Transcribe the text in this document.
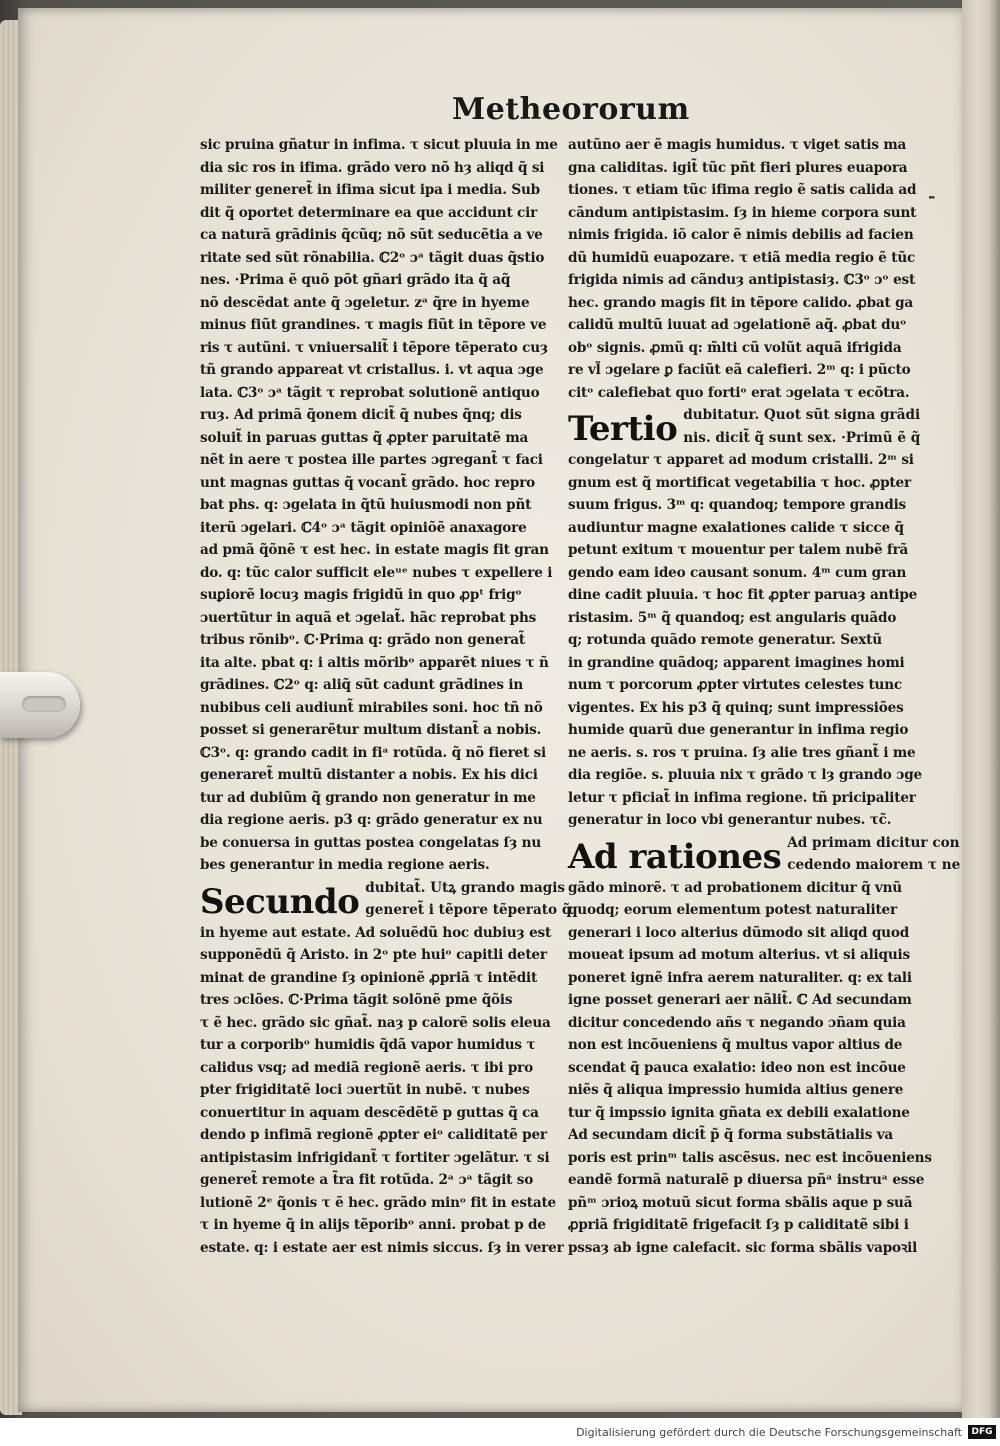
Metheororum
-
sic pruina gñatur in infima. τ sicut pluuia in me
dia sic ros in ifima. grãdo vero nõ hȝ aliqd q̃ si
militer generet̃ in ifima sicut ipa i media. Sub
dit q̃ oportet determinare ea que accidunt cir
ca naturã grãdinis q̃cũq; nõ sũt seducẽtia a ve
ritate sed sũt rõnabilia. ℂ2ᵒ ɔᵃ tãgit duas q̃stio
nes. ·Prima ẽ quõ põt gñari grãdo ita q̃ aq̃
nõ descẽdat ante q̃ ɔgeletur. zᵃ q̃re in hyeme
minus fiũt grandines. τ magis fiũt in tẽpore ve
ris τ autũni. τ vniuersalit̃ i tẽpore tẽperato cuȝ
tñ grando appareat vt cristallus. i. vt aqua ɔge
lata. ℂ3ᵒ ɔᵃ tãgit τ reprobat solutionẽ antiquo
ruȝ. Ad primã q̃onem dicit̃ q̃ nubes q̃nq; dis
soluit̃ in paruas guttas q̃ ꝓpter paruitatẽ ma
nẽt in aere τ postea ille partes ɔgregant̃ τ faci
unt magnas guttas q̃ vocant̃ grãdo. hoc repro
bat phs. q: ɔgelata in q̃tũ huiusmodi non pñt
iterũ ɔgelari. ℂ4ᵒ ɔᵃ tãgit opiniõẽ anaxagore
ad pmã q̃õnẽ τ est hec. in estate magis fit gran
do. q: tũc calor sufficit eleᵘᵉ nubes τ expellere i
suꝑiorẽ locuȝ magis frigidũ in quo ꝓpᵗ frigᵒ
ɔuertũtur in aquã et ɔgelat̃. hãc reprobat phs
tribus rõnibᵒ. ℂ·Prima q: grãdo non generat̃
ita alte. pbat q: i altis mõribᵒ apparẽt niues τ ñ
grãdines. ℂ2ᵒ q: aliq̃ sũt cadunt grãdines in
nubibus celi audiunt̃ mirabiles soni. hoc tñ nõ
posset si generarẽtur multum distant̃ a nobis.
ℂ3ᵒ. q: grando cadit in fiᵃ rotũda. q̃ nõ fieret si
generaret̃ multũ distanter a nobis. Ex his dici
tur ad dubiũm q̃ grando non generatur in me
dia regione aeris. p3 q: grãdo generatur ex nu
be conuersa in guttas postea congelatas ſȝ nu
bes generantur in media regione aeris.
Secundo dubitat̃. Utꝝ grando magis
generet̃ i tẽpore tẽperato q̃
in hyeme aut estate. Ad soluẽdũ hoc dubiuȝ est
supponẽdũ q̃ Aristo. in 2ᵒ pte huiᵒ capitli deter
minat de grandine ſȝ opinionẽ ꝓpriã τ intẽdit
tres ɔclões. ℂ·Prima tãgit solõnẽ pme q̃õis
τ ẽ hec. grãdo sic gñat̃. naȝ p calorẽ solis eleua
tur a corporibᵒ humidis q̃dã vapor humidus τ
calidus vsq; ad mediã regionẽ aeris. τ ibi pro
pter frigiditatẽ loci ɔuertũt in nubẽ. τ nubes
conuertitur in aquam descẽdẽtẽ p guttas q̃ ca
dendo p infimã regionẽ ꝓpter eiᵒ caliditatẽ per
antipistasim infrigidant̃ τ fortiter ɔgelãtur. τ si
generet̃ remote a t̃ra fit rotũda. 2ᵃ ɔᵃ tãgit so
lutionẽ 2ᵉ q̃onis τ ẽ hec. grãdo minᵒ fit in estate
τ in hyeme q̃ in alijs tẽporibᵒ anni. probat p de
estate. q: i estate aer est nimis siccus. ſȝ in verer
autũno aer ẽ magis humidus. τ viget satis ma
gna caliditas. igit̃ tũc pñt fieri plures euapora
tiones. τ etiam tũc ifima regio ẽ satis calida ad
cãndum antipistasim. ſȝ in hieme corpora sunt
nimis frigida. iõ calor ẽ nimis debilis ad facien
dũ humidũ euapozare. τ etiã media regio ẽ tũc
frigida nimis ad cãnduȝ antipistasiȝ. ℂ3ᵒ ɔᵒ est
hec. grando magis fit in tẽpore calido. ꝓbat ga
calidũ multũ iuuat ad ɔgelationẽ aq̃. ꝓbat duᵒ
obᵒ signis. ꝓmũ q: m̃lti cũ volũt aquã ifrigida
re vl̃ ɔgelare ꝑ faciũt eã calefieri. 2ᵐ q: i pũcto
citᵒ calefiebat quo fortiᵒ erat ɔgelata τ ecõtra.
Tertio dubitatur. Quot sũt signa grãdi
nis. dicit̃ q̃ sunt sex. ·Primũ ẽ q̃
congelatur τ apparet ad modum cristalli. 2ᵐ si
gnum est q̃ mortificat vegetabilia τ hoc. ꝓpter
suum frigus. 3ᵐ q: quandoq; tempore grandis
audiuntur magne exalationes calide τ sicce q̃
petunt exitum τ mouentur per talem nubẽ frã
gendo eam ideo causant sonum. 4ᵐ cum gran
dine cadit pluuia. τ hoc fit ꝓpter paruaȝ antipe
ristasim. 5ᵐ q̃ quandoq; est angularis quãdo
q; rotunda quãdo remote generatur. Sextũ
in grandine quãdoq; apparent imagines homi
num τ porcorum ꝓpter virtutes celestes tunc
vigentes. Ex his p3 q̃ quinq; sunt impressiões
humide quarũ due generantur in infima regio
ne aeris. s. ros τ pruina. ſȝ alie tres gñant̃ i me
dia regiõe. s. pluuia nix τ grãdo τ lȝ grando ɔge
letur τ pficiat̃ in infima regione. tñ pricipaliter
generatur in loco vbi generantur nubes. τc̃.
Ad rationes Ad primam dicitur con
cedendo maiorem τ ne
gãdo minorẽ. τ ad probationem dicitur q̃ vnũ
quodq; eorum elementum potest naturaliter
generari i loco alterius dũmodo sit aliqd quod
moueat ipsum ad motum alterius. vt si aliquis
poneret ignẽ infra aerem naturaliter. q: ex tali
igne posset generari aer nãlit̃. ℂ Ad secundam
dicitur concedendo añs τ negando ɔñam quia
non est incõueniens q̃ multus vapor altius de
scendat q̃ pauca exalatio: ideo non est incõue
niẽs q̃ aliqua impressio humida altius genere
tur q̃ impssio ignita gñata ex debili exalatione
Ad secundam dicit̃ p̃ q̃ forma substãtialis va
poris est prinᵐ talis ascẽsus. nec est incõueniens
eandẽ formã naturalẽ p diuersa pñᵃ instruᵃ esse
pñᵐ ɔrioꝝ motuũ sicut forma sbãlis aque p suã
ꝓpriã frigiditatẽ frigefacit ſȝ p caliditatẽ sibi i
pssaȝ ab igne calefacit. sic forma sbãlis vapoꝛil
Digitalisierung gefördert durch die Deutsche Forschungsgemeinschaft	DFG
